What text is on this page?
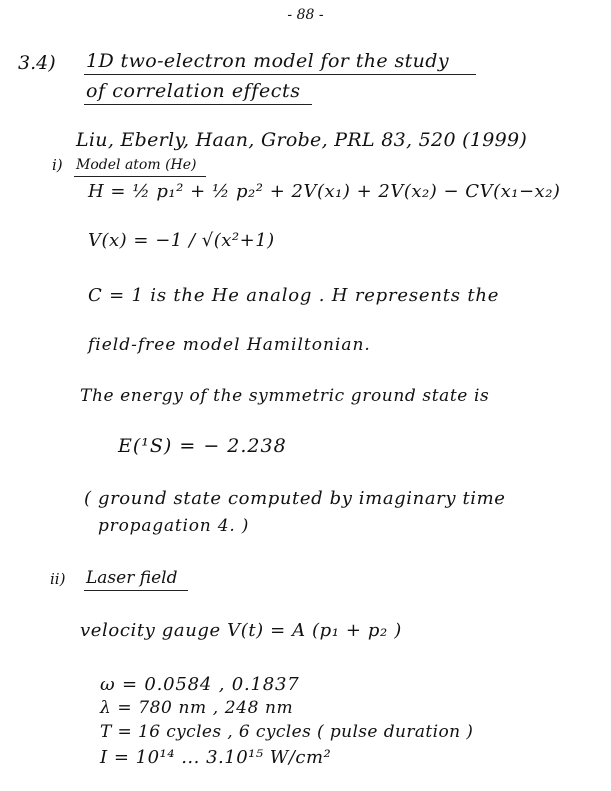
- 88 -
3.4) 1D two-electron model for the study
of correlation effects
Liu, Eberly, Haan, Grobe, PRL 83, 520 (1999)
i) Model atom (He)
H = ½ p₁² + ½ p₂² + 2V(x₁) + 2V(x₂) − CV(x₁−x₂)
V(x) = −1 / √(x²+1)
C = 1 is the He analog . H represents the
field-free model Hamiltonian.
The energy of the symmetric ground state is
E(¹S) = − 2.238
( ground state computed by imaginary time
propagation 4. )
ii) Laser field
velocity gauge V(t) = A (p₁ + p₂ )
ω = 0.0584 , 0.1837
λ = 780 nm , 248 nm
T = 16 cycles , 6 cycles ( pulse duration )
I = 10¹⁴ ... 3.10¹⁵ W/cm²
